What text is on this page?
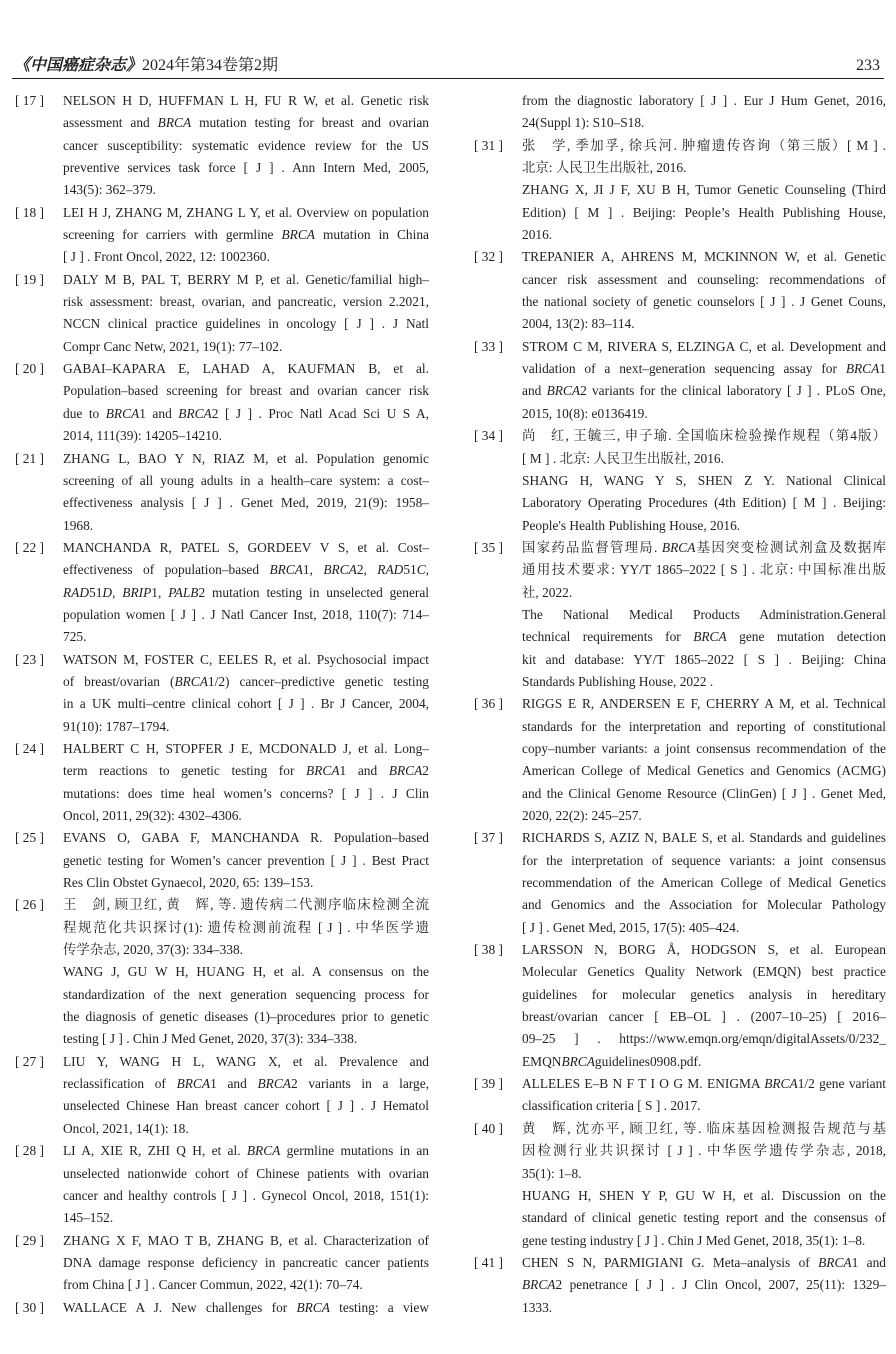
《中国癌症杂志》2024年第34卷第2期	233
[ 17 ]	NELSON H D, HUFFMAN L H, FU R W, et al. Genetic risk
assessment and BRCA mutation testing for breast and ovarian
cancer susceptibility: systematic evidence review for the US
preventive services task force [ J ] . Ann Intern Med, 2005,
143(5): 362–379.
[ 18 ]	LEI H J, ZHANG M, ZHANG L Y, et al. Overview on population
screening for carriers with germline BRCA mutation in China
[ J ] . Front Oncol, 2022, 12: 1002360.
[ 19 ]	DALY M B, PAL T, BERRY M P, et al. Genetic/familial high–
risk assessment: breast, ovarian, and pancreatic, version 2.2021,
NCCN clinical practice guidelines in oncology [ J ] . J Natl
Compr Canc Netw, 2021, 19(1): 77–102.
[ 20 ]	GABAI–KAPARA E, LAHAD A, KAUFMAN B, et al.
Population–based screening for breast and ovarian cancer risk
due to BRCA1 and BRCA2 [ J ] . Proc Natl Acad Sci U S A,
2014, 111(39): 14205–14210.
[ 21 ]	ZHANG L, BAO Y N, RIAZ M, et al. Population genomic
screening of all young adults in a health–care system: a cost–
effectiveness analysis [ J ] . Genet Med, 2019, 21(9): 1958–
1968.
[ 22 ]	MANCHANDA R, PATEL S, GORDEEV V S, et al. Cost–
effectiveness of population–based BRCA1, BRCA2, RAD51C,
RAD51D, BRIP1, PALB2 mutation testing in unselected general
population women [ J ] . J Natl Cancer Inst, 2018, 110(7): 714–
725.
[ 23 ]	WATSON M, FOSTER C, EELES R, et al. Psychosocial impact
of breast/ovarian (BRCA1/2) cancer–predictive genetic testing
in a UK multi–centre clinical cohort [ J ] . Br J Cancer, 2004,
91(10): 1787–1794.
[ 24 ]	HALBERT C H, STOPFER J E, MCDONALD J, et al. Long–
term reactions to genetic testing for BRCA1 and BRCA2
mutations: does time heal women’s concerns? [ J ] . J Clin
Oncol, 2011, 29(32): 4302–4306.
[ 25 ]	EVANS O, GABA F, MANCHANDA R. Population–based
genetic testing for Women’s cancer prevention [ J ] . Best Pract
Res Clin Obstet Gynaecol, 2020, 65: 139–153.
[ 26 ]	王　剑, 顾卫红, 黄　辉, 等. 遗传病二代测序临床检测全流
程规范化共识探讨(1): 遗传检测前流程 [ J ] . 中华医学遗
传学杂志, 2020, 37(3): 334–338.
WANG J, GU W H, HUANG H, et al. A consensus on the
standardization of the next generation sequencing process for
the diagnosis of genetic diseases (1)–procedures prior to genetic
testing [ J ] . Chin J Med Genet, 2020, 37(3): 334–338.
[ 27 ]	LIU Y, WANG H L, WANG X, et al. Prevalence and
reclassification of BRCA1 and BRCA2 variants in a large,
unselected Chinese Han breast cancer cohort [ J ] . J Hematol
Oncol, 2021, 14(1): 18.
[ 28 ]	LI A, XIE R, ZHI Q H, et al. BRCA germline mutations in an
unselected nationwide cohort of Chinese patients with ovarian
cancer and healthy controls [ J ] . Gynecol Oncol, 2018, 151(1):
145–152.
[ 29 ]	ZHANG X F, MAO T B, ZHANG B, et al. Characterization of
DNA damage response deficiency in pancreatic cancer patients
from China [ J ] . Cancer Commun, 2022, 42(1): 70–74.
[ 30 ]	WALLACE A J. New challenges for BRCA testing: a view
from the diagnostic laboratory [ J ] . Eur J Hum Genet, 2016,
24(Suppl 1): S10–S18.
[ 31 ]	张　学, 季加孚, 徐兵河. 肿瘤遗传咨询（第三版）[ M ] .
北京: 人民卫生出版社, 2016.
ZHANG X, JI J F, XU B H, Tumor Genetic Counseling (Third
Edition) [ M ] . Beijing: People’s Health Publishing House,
2016.
[ 32 ]	TREPANIER A, AHRENS M, MCKINNON W, et al. Genetic
cancer risk assessment and counseling: recommendations of
the national society of genetic counselors [ J ] . J Genet Couns,
2004, 13(2): 83–114.
[ 33 ]	STROM C M, RIVERA S, ELZINGA C, et al. Development and
validation of a next–generation sequencing assay for BRCA1
and BRCA2 variants for the clinical laboratory [ J ] . PLoS One,
2015, 10(8): e0136419.
[ 34 ]	尚　红, 王毓三, 申子瑜. 全国临床检验操作规程（第4版）
[ M ] . 北京: 人民卫生出版社, 2016.
SHANG H, WANG Y S, SHEN Z Y. National Clinical
Laboratory Operating Procedures (4th Edition) [ M ] . Beijing:
People's Health Publishing House, 2016.
[ 35 ]	国家药品监督管理局. BRCA基因突变检测试剂盒及数据库
通用技术要求: YY/T 1865–2022 [ S ] . 北京: 中国标准出版
社, 2022.
The National Medical Products Administration.General
technical requirements for BRCA gene mutation detection
kit and database: YY/T 1865–2022 [ S ] . Beijing: China
Standards Publishing House, 2022 .
[ 36 ]	RIGGS E R, ANDERSEN E F, CHERRY A M, et al. Technical
standards for the interpretation and reporting of constitutional
copy–number variants: a joint consensus recommendation of the
American College of Medical Genetics and Genomics (ACMG)
and the Clinical Genome Resource (ClinGen) [ J ] . Genet Med,
2020, 22(2): 245–257.
[ 37 ]	RICHARDS S, AZIZ N, BALE S, et al. Standards and guidelines
for the interpretation of sequence variants: a joint consensus
recommendation of the American College of Medical Genetics
and Genomics and the Association for Molecular Pathology
[ J ] . Genet Med, 2015, 17(5): 405–424.
[ 38 ]	LARSSON N, BORG Å, HODGSON S, et al. European
Molecular Genetics Quality Network (EMQN) best practice
guidelines for molecular genetics analysis in hereditary
breast/ovarian cancer [ EB–OL ] . (2007–10–25) [ 2016–
09–25 ] . https://www.emqn.org/emqn/digitalAssets/0/232_
EMQNBRCAguidelines0908.pdf.
[ 39 ]	ALLELES E–B N F T I O G M. ENIGMA BRCA1/2 gene variant
classification criteria [ S ] . 2017.
[ 40 ]	黄　辉, 沈亦平, 顾卫红, 等. 临床基因检测报告规范与基
因检测行业共识探讨 [ J ] . 中华医学遗传学杂志, 2018,
35(1): 1–8.
HUANG H, SHEN Y P, GU W H, et al. Discussion on the
standard of clinical genetic testing report and the consensus of
gene testing industry [ J ] . Chin J Med Genet, 2018, 35(1): 1–8.
[ 41 ]	CHEN S N, PARMIGIANI G. Meta–analysis of BRCA1 and
BRCA2 penetrance [ J ] . J Clin Oncol, 2007, 25(11): 1329–
1333.
